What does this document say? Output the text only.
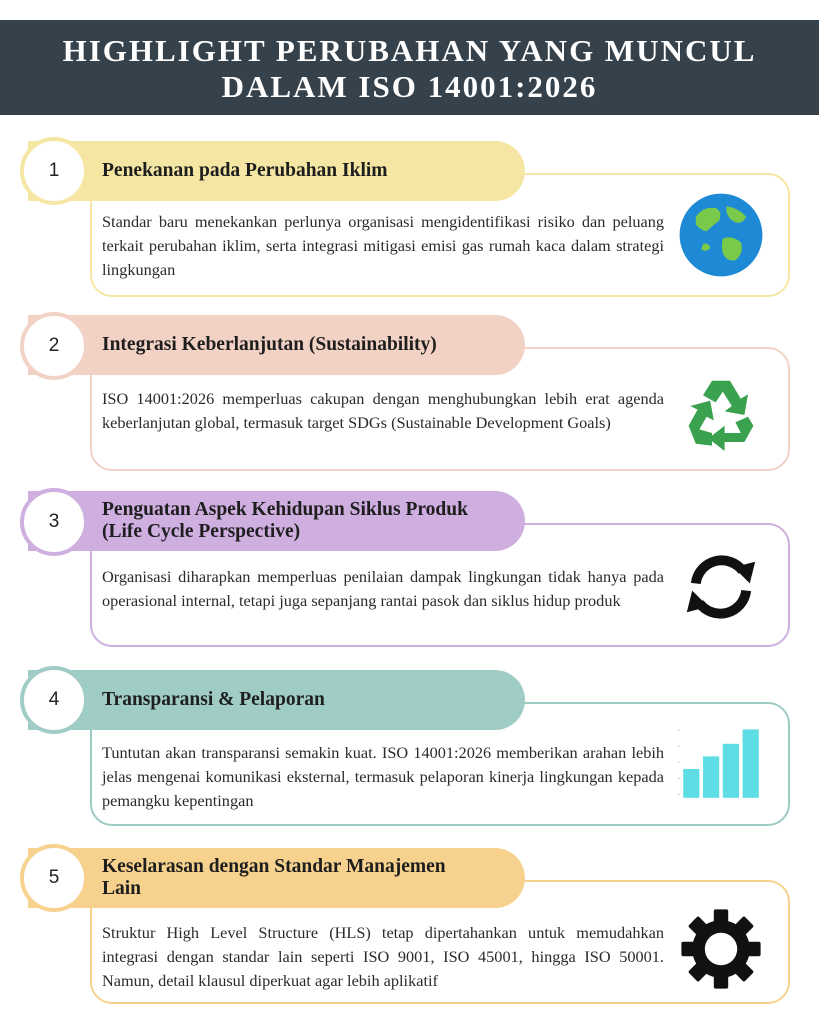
HIGHLIGHT PERUBAHAN YANG MUNCUL
DALAM ISO 14001:2026
Penekanan pada Perubahan Iklim
1
Standar baru menekankan perlunya organisasi mengidentifikasi risiko dan peluang terkait perubahan iklim, serta integrasi mitigasi emisi gas rumah kaca dalam strategi lingkungan
Integrasi Keberlanjutan (Sustainability)
2
ISO 14001:2026 memperluas cakupan dengan menghubungkan lebih erat agenda keberlanjutan global, termasuk target SDGs (Sustainable Development Goals)
Penguatan Aspek Kehidupan Siklus Produk
(Life Cycle Perspective)
3
Organisasi diharapkan memperluas penilaian dampak lingkungan tidak hanya pada operasional internal, tetapi juga sepanjang rantai pasok dan siklus hidup produk
Transparansi & Pelaporan
4
Tuntutan akan transparansi semakin kuat. ISO 14001:2026 memberikan arahan lebih jelas mengenai komunikasi eksternal, termasuk pelaporan kinerja lingkungan kepada pemangku kepentingan
Keselarasan dengan Standar Manajemen
Lain
5
Struktur High Level Structure (HLS) tetap dipertahankan untuk memudahkan integrasi dengan standar lain seperti ISO 9001, ISO 45001, hingga ISO 50001. Namun, detail klausul diperkuat agar lebih aplikatif
